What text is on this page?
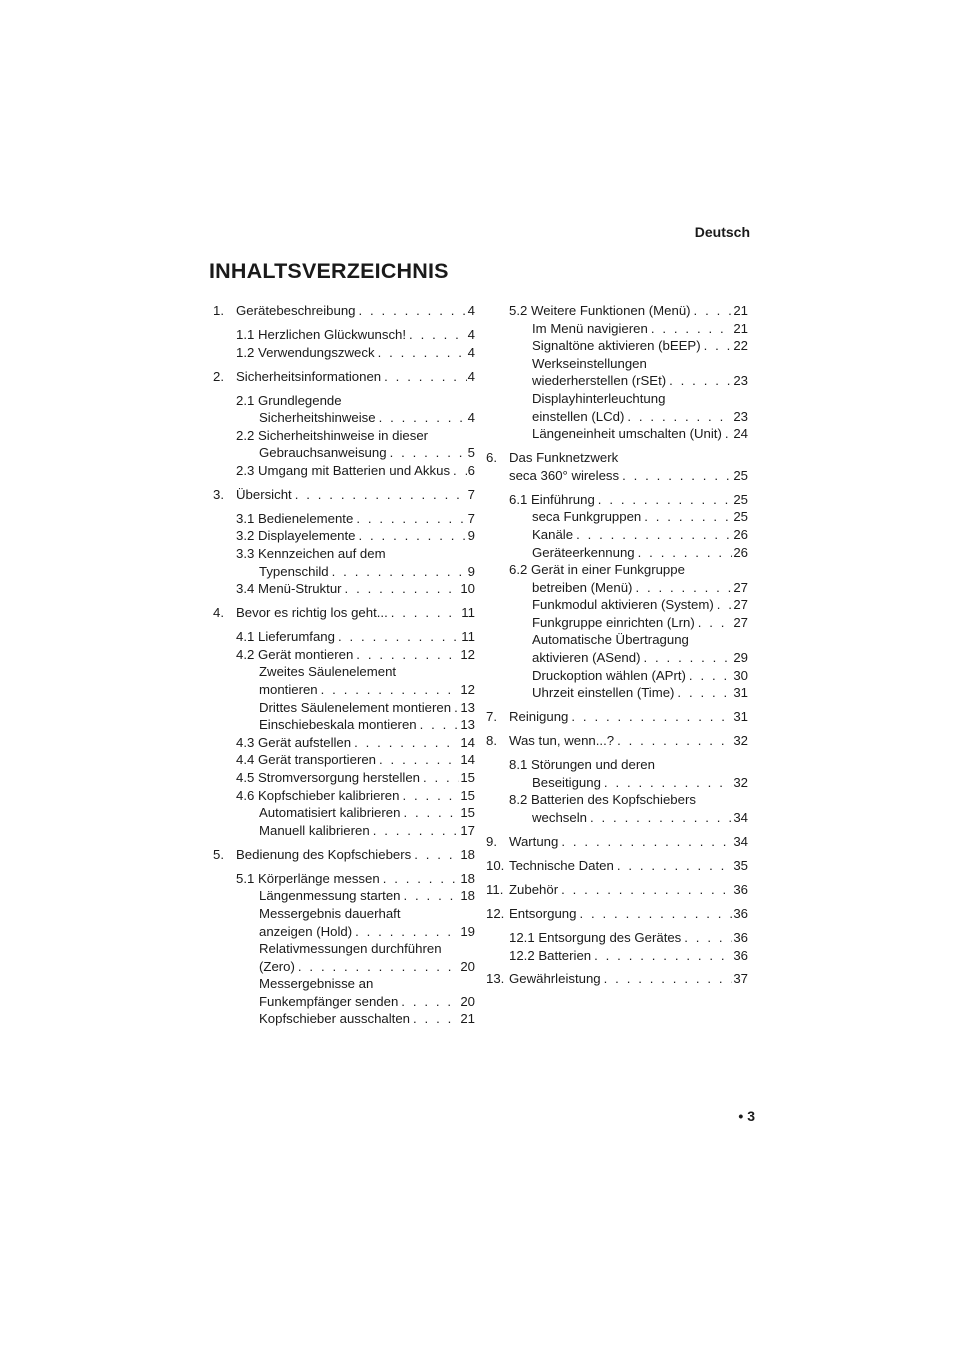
Deutsch
INHALTSVERZEICHNIS
1. Gerätebeschreibung . . .	4
1.1 Herzlichen Glückwunsch! . . .	4
1.2 Verwendungszweck . . .	4
2. Sicherheitsinformationen . . .	4
2.1 Grundlegende
Sicherheitshinweise . . .	4
2.2 Sicherheitshinweise in dieser
Gebrauchsanweisung . . .	5
2.3 Umgang mit Batterien und Akkus . . . 6
3. Übersicht . . .	7
3.1 Bedienelemente . . .	7
3.2 Displayelemente . . .	9
3.3 Kennzeichen auf dem
Typenschild . . .	9
3.4 Menü-Struktur . . .	10
4. Bevor es richtig los geht... . . .	11
4.1 Lieferumfang . . .	11
4.2 Gerät montieren . . .	12
Zweites Säulenelement
montieren . . .	12
Drittes Säulenelement montieren . . . 13
Einschiebeskala montieren . . .	13
4.3 Gerät aufstellen . . .	14
4.4 Gerät transportieren . . .	14
4.5 Stromversorgung herstellen . . .	15
4.6 Kopfschieber kalibrieren . . .	15
Automatisiert kalibrieren . . .	15
Manuell kalibrieren . . .	17
5. Bedienung des Kopfschiebers . . .	18
5.1 Körperlänge messen . . .	18
Längenmessung starten . . .	18
Messergebnis dauerhaft
anzeigen (Hold) . . .	19
Relativmessungen durchführen
(Zero) . . .	20
Messergebnisse an
Funkempfänger senden . . .	20
Kopfschieber ausschalten . . .	21
5.2 Weitere Funktionen (Menü) . . .	21
Im Menü navigieren . . .	21
Signaltöne aktivieren (bEEP) . . . 22
Werkseinstellungen
wiederherstellen (rSEt) . . .	23
Displayhinterleuchtung
einstellen (LCd) . . .	23
Längeneinheit umschalten (Unit) . . . 24
6. Das Funknetzwerk
seca 360° wireless . . .	25
6.1 Einführung . . .	25
seca Funkgruppen . . .	25
Kanäle . . .	26
Geräteerkennung . . .	26
6.2 Gerät in einer Funkgruppe
betreiben (Menü) . . .	27
Funkmodul aktivieren (System) . . . 27
Funkgruppe einrichten (Lrn) . . .	27
Automatische Übertragung
aktivieren (ASend) . . .	29
Druckoption wählen (APrt) . . .	30
Uhrzeit einstellen (Time) . . .	31
7. Reinigung . . .	31
8. Was tun, wenn...? . . .	32
8.1 Störungen und deren
Beseitigung . . .	32
8.2 Batterien des Kopfschiebers
wechseln . . .	34
9. Wartung . . .	34
10. Technische Daten . . .	35
11. Zubehör . . .	36
12. Entsorgung . . .	36
12.1 Entsorgung des Gerätes . . .	36
12.2 Batterien . . .	36
13. Gewährleistung . . .	37
• 3
